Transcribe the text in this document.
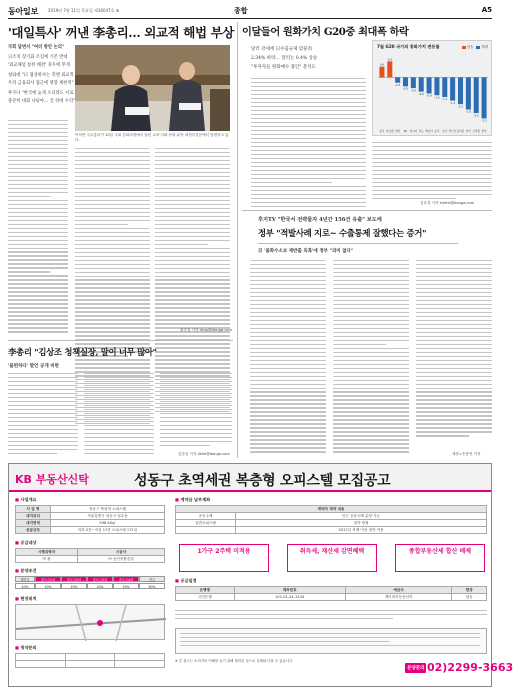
동아일보 2019년 7월 11일 목요일 제30047호 ⑧	종합	A5
'대일특사' 꺼낸 李총리… 외교적 해법 부상
국회 답변서 "여러 방안 논의"
日조치 장기화 조짐에 기존 반대
'외교채널 통한 해결' 경우에 무게
청와대 "日 협상하자는 측엔 외교적
우리 금융회사 접근에 영향 제한적"
후쿠다 "한국에 늦게 오더라도 서로
충분히 대화 나눠야… 진 뒤에 우리"
이낙연 국무총리가 10일 국회 본회의장에서 열린 교육·사회·문화 분야 대정부질문에서 답변하고 있다.
최우열 기자 dnsp@donga.com
李총리 "김상조 청책실장, 말이 너무 많아"
'불편하다' 발언 공개 비판
김준일 기자 jikim@donga.com
이달들어 원화가치 G20중 최대폭 하락
달러 강세에 日수출규제 맞물려
2.34% 하락… 달러는 0.4% 상승
"투자자들 원화매수 불안" 분석도
7월 G20 국가의 통화가치 변동률	상승 하락
0.6
중국
0.9
아르헨
-0.3
일본
-0.5
EU
-0.6
러시아
-0.8
인도
-0.9
캐나다
-1.0
호주
-1.1
인니
-1.3
멕시코
-1.5
남아공
-1.8
터키
-2.0
브라질
-2.3
한국
김호경 기자 kimhk@donga.com
후지TV "한국서 전략물자 4년간 156건 유출" 보도에
정부 "적발사례 지로~ 수출통제 잘했다는 증거"
日 '불화수소보 재반출 의혹'에 정부 "의미 없다"
세종=송충현 기자
KB 부동산신탁	성동구 초역세권 복층형 오피스텔 모집공고
■ 사업개요
사 업 명	성동구 뚝섬역 오피스텔
대지위치	서울특별시 성동구 성수동
대지면적	938.40㎡
공급규모	지하 2층~지상 17층 오피스텔 171실
■ 공급대상
시행위탁자	시공사
㈜ 원	㈜ 동인종합건설
■ 분양조건
계약금	중도금1차	중도금2차	중도금3차	중도금4차	잔금
10%	10%	10%	10%	10%	50%
■ 현장위치
■ 청약문의

■ 계약금 납부계좌
계약자 제약 내용	
공동주택	인근 공동주택 분양 가능
일반오피스텔	청약 당첨
	2017년 자제 이상 청약 적용
1가구 2주택 미적용	취득세, 재산세 감면혜택	종합부동산세 합산 배제
■ 공급일정
은행명	계좌번호	예금주	현장
국민은행	101-01-24-1234	케이비부동산신탁	성동
※ 본 광고는 소비자의 이해를 돕기 위해 제작된 것으로 실제와 다를 수 있습니다.
분양문의 02)2299-3663
